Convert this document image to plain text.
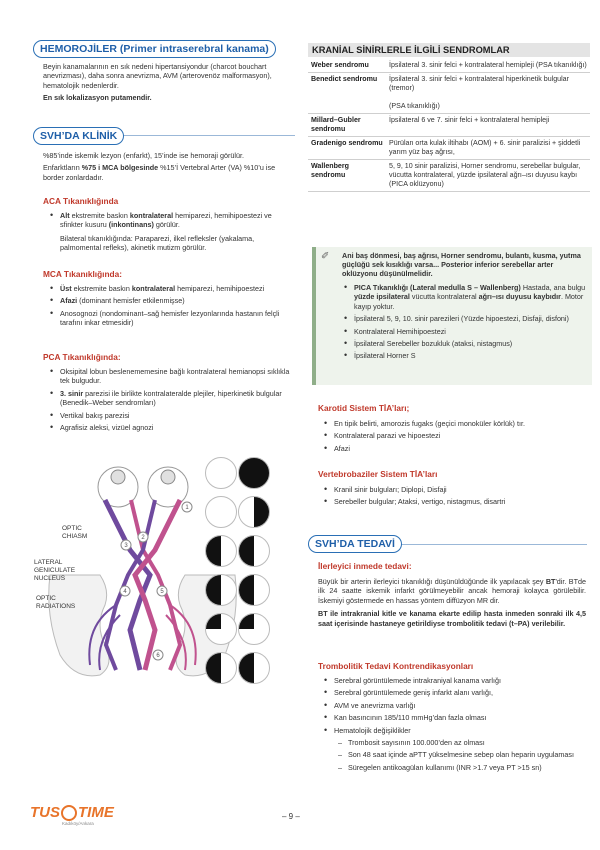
HEMOROJİLER (Primer intraserebral kanama)
Beyin kanamalarının en sık nedeni hipertansiyondur (charcot bouchart anevrizması), daha sonra anevrizma, AVM (arterovenöz malformasyon), hematolojik nedenlerdir.
En sık lokalizasyon putamendir.
SVH’DA KLİNİK
%85’inde iskemik lezyon (enfarkt), 15’inde ise hemoraji görülür.
Enfarktların %75 i MCA bölgesinde %15’İ Vertebral Arter (VA) %10’u ise border zonlardadır.
ACA Tıkanıklığında
• Alt ekstremite baskın kontralateral hemiparezi, hemihipoestezi ve sfinkter kusuru (inkontinans) görülür.
Bilateral tıkanıklığında: Paraparezi, ilkel refleksler (yakalama, palmomental refleks), akinetik mutizm görülür.
MCA Tıkanıklığında:
• Üst ekstremite baskın kontralateral hemiparezi, hemihipoestezi
• Afazi (dominant hemisfer etkilenmişse)
• Anosognozi (nondominant–sağ hemisfer lezyonlarında hastanın felçli tarafını inkar etmesidir)
PCA Tıkanıklığında:
• Oksipital lobun beslenememesine bağlı kontralateral hemianopsi sıklıkla tek bulgudur.
• 3. sinir parezisi ile birlikte kontralateralde plejiler, hiperkinetik bulgular (Benedik–Weber sendromları)
• Vertikal bakış parezisi
• Agrafisiz aleksi, vizüel agnozi
1
2
3
4	5
6
OPTIC
CHIASM
LATERAL
GENICULATE
NUCLEUS
OPTIC
RADIATIONS
KRANİAL SİNİRLERLE İLGİLİ SENDROMLAR
Weber sendromu	İpsilateral 3. sinir felci + kontralateral hemipleji (PSA tıkanıklığı)
Benedict sendromu	İpsilateral 3. sinir felci + kontralateral hiperkinetik bulgular (tremor)

(PSA tıkanıklığı)
Millard–Gubler sendromu	İpsilateral 6 ve 7. sinir felci + kontralateral hemipleji
Gradenigo sendromu	Pürülan orta kulak iltihabı (AOM) + 6. sinir paralizisi + şiddetli yarım yüz baş ağrısı,
Wallenberg sendromu	5, 9, 10 sinir paralizisi, Horner sendromu, serebellar bulgular, vücutta kontralateral, yüzde ipsilateral ağrı–ısı duyusu kaybı (PICA oklüzyonu)
✐ Ani baş dönmesi, baş ağrısı, Horner sendromu, bulantı, kusma, yutma güçlüğü sek kısıklığı varsa... Posterior inferior serebellar arter oklüzyonu düşünülmelidir.
• PICA Tıkanıklığı (Lateral medulla S – Wallenberg) Hastada, ana bulgu yüzde ipsilateral vücutta kontralateral ağrı–ısı duyusu kaybıdır. Motor kayıp yoktur.
• İpsilateral 5, 9, 10. sinir parezileri (Yüzde hipoestezi, Disfaji, disfoni)
• Kontralateral Hemihipoestezi
• İpsilateral Serebeller bozukluk (ataksi, nistagmus)
• İpsilateral Horner S
Karotid Sistem TİA’ları;
• En tipik belirti, amorozis fugaks (geçici monoküler körlük) tır.
• Kontralateral parazi ve hipoestezi
• Afazi
Vertebrobaziler Sistem TİA’ları
• Kranil sinir bulguları; Diplopi, Disfaji
• Serebeller bulgular; Ataksi, vertigo, nistagmus, disartri
SVH’DA TEDAVİ
İlerleyici inmede tedavi:
Büyük bir arterin ilerleyici tıkanıklığı düşünüldüğünde ilk yapılacak şey BT'dir. BTde ilk 24 saatte iskemik infarkt görülmeyebilir ancak hemoraji kolayca görülebilir. İskemiyi göstermede en hassas yöntem diffüzyon MR dir.
BT ile intrakranial kitle ve kanama ekarte edilip hasta inmeden sonraki ilk 4,5 saat içerisinde hastaneye getirildiyse trombolitik tedavi (t–PA) verilebilir.
Trombolitik Tedavi Kontrendikasyonları
• Serebral görüntülemede intrakraniyal kanama varlığı
• Serebral görüntülemede geniş infarkt alanı varlığı,
• AVM ve anevrizma varlığı
• Kan basıncının 185/110 mmHg’dan fazla olması
• Hematolojik değişiklikler
– Trombosit sayısının 100.000’den az olması
– Son 48 saat içinde aPTT yükselmesine sebep olan heparin uygulaması
– Süregelen antikoagülan kullanımı (INR >1.7 veya PT >15 sn)
TUS TIME
Kadıköy/Ankara
– 9 –
